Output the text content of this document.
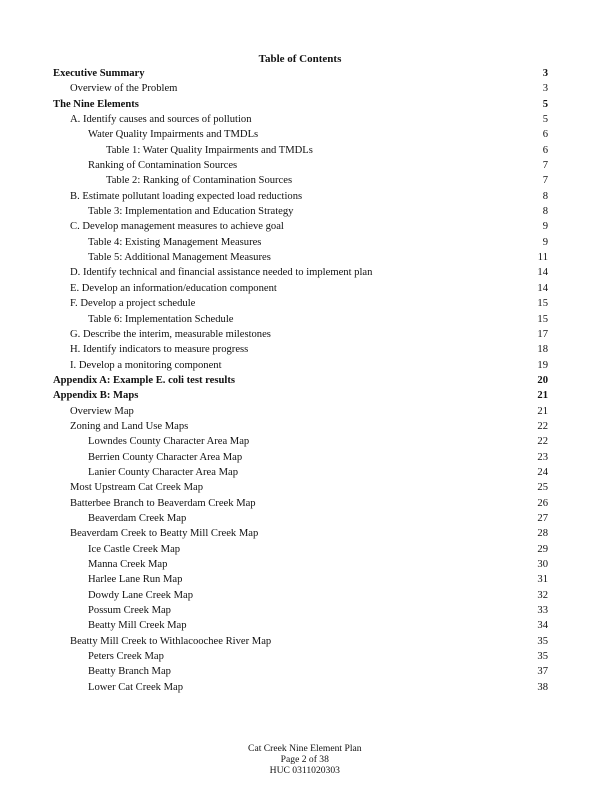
Table of Contents
Executive Summary	3
Overview of the Problem	3
The Nine Elements	5
A. Identify causes and sources of pollution	5
Water Quality Impairments and TMDLs	6
Table 1: Water Quality Impairments and TMDLs	6
Ranking of Contamination Sources	7
Table 2: Ranking of Contamination Sources	7
B. Estimate pollutant loading expected load reductions	8
Table 3: Implementation and Education Strategy	8
C. Develop management measures to achieve goal	9
Table 4: Existing Management Measures	9
Table 5: Additional Management Measures	11
D. Identify technical and financial assistance needed to implement plan	14
E. Develop an information/education component	14
F. Develop a project schedule	15
Table 6: Implementation Schedule	15
G. Describe the interim, measurable milestones	17
H. Identify indicators to measure progress	18
I. Develop a monitoring component	19
Appendix A: Example E. coli test results	20
Appendix B: Maps	21
Overview Map	21
Zoning and Land Use Maps	22
Lowndes County Character Area Map	22
Berrien County Character Area Map	23
Lanier County Character Area Map	24
Most Upstream Cat Creek Map	25
Batterbee Branch to Beaverdam Creek Map	26
Beaverdam Creek Map	27
Beaverdam Creek to Beatty Mill Creek Map	28
Ice Castle Creek Map	29
Manna Creek Map	30
Harlee Lane Run Map	31
Dowdy Lane Creek Map	32
Possum Creek Map	33
Beatty Mill Creek Map	34
Beatty Mill Creek to Withlacoochee River Map	35
Peters Creek Map	35
Beatty Branch Map	37
Lower Cat Creek Map	38

Cat Creek Nine Element Plan
Page 2 of 38
HUC 0311020303
